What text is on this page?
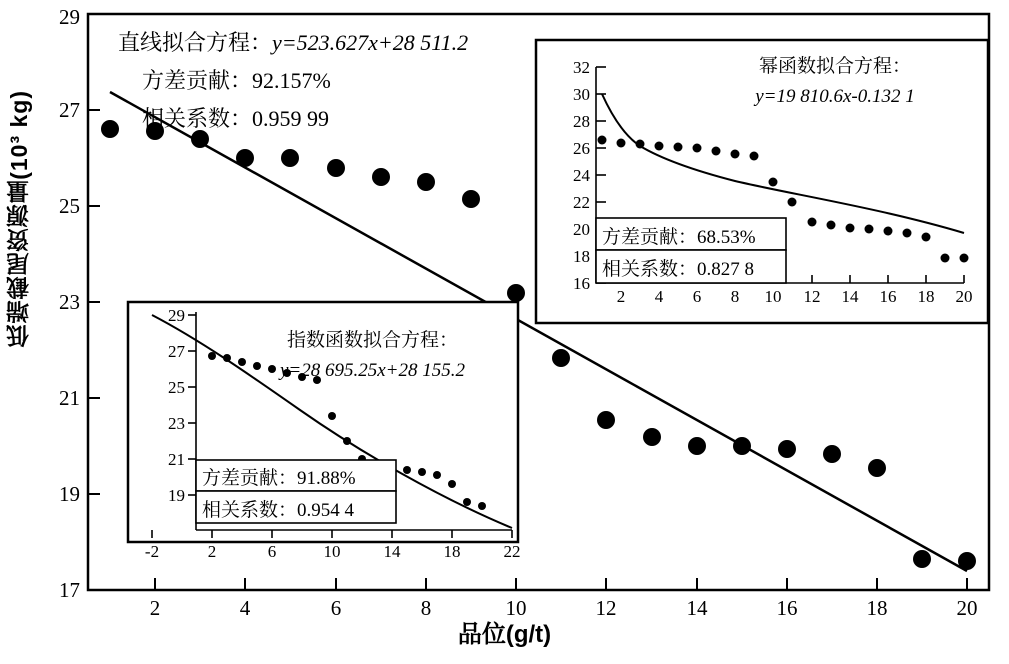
低端截尾资源量(10³ kg)
品位(g/t)
17
19
21
23
25
27
29
2	4	6	8	10	12	14	16	18	20
16
18
20
22
24
26
28
30
32
2 4 6 8 10 12 14 16 18 20
19
21
23
25
27
29
-2	2	6	10	14	18	22
直线拟合方程：y=523.627x+28 511.2
方差贡献：92.157%
相关系数：0.959 99
幂函数拟合方程：
y=19 810.6x-0.132 1
方差贡献：68.53%
相关系数：0.827 8
指数函数拟合方程：
y=28 695.25x+28 155.2
方差贡献：91.88%
相关系数：0.954 4
